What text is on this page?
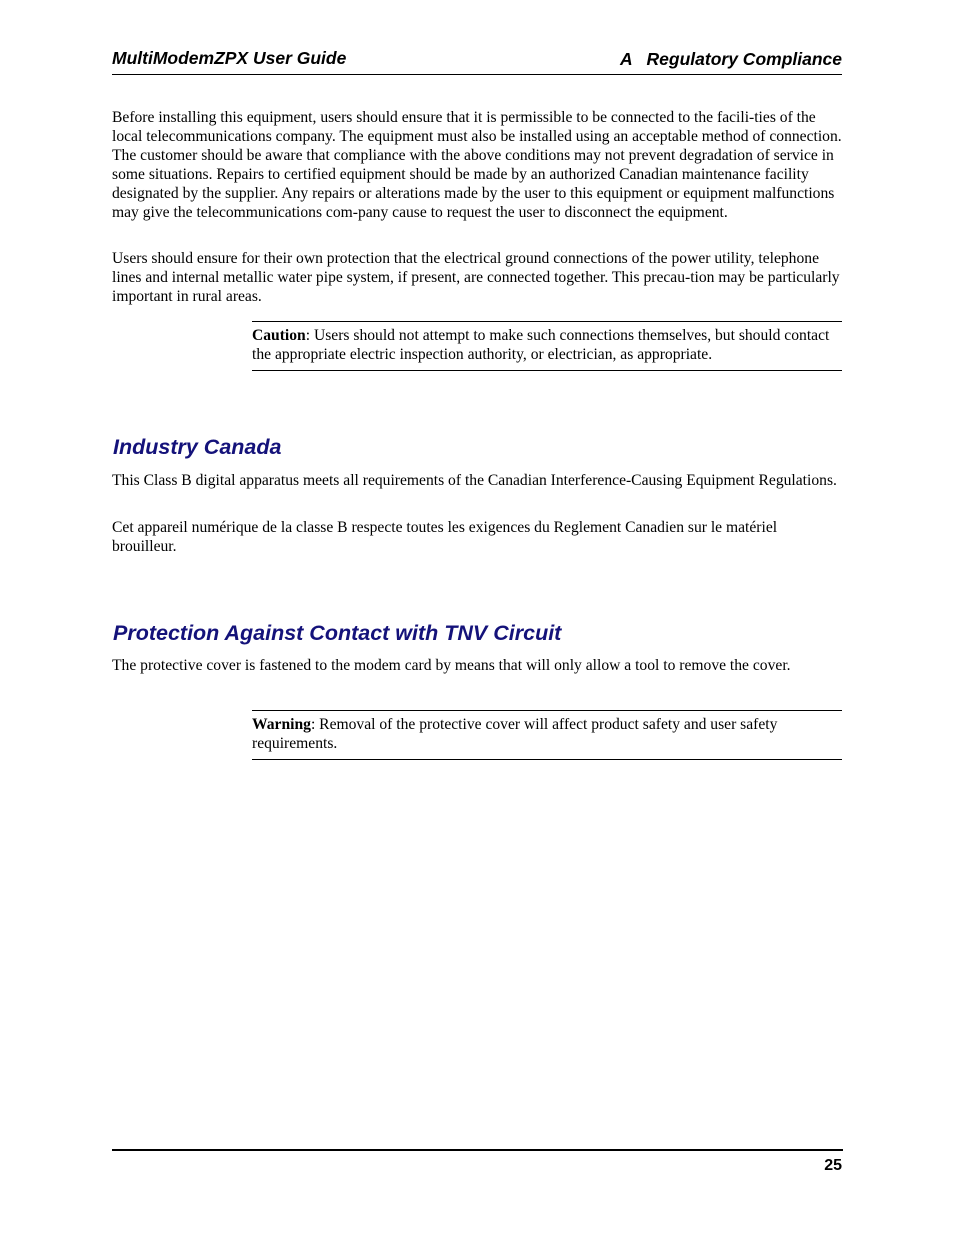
MultiModemZPX User Guide	A   Regulatory Compliance

Before installing this equipment, users should ensure that it is permissible to be connected to the facili-ties of the local telecommunications company. The equipment must also be installed using an acceptable method of connection. The customer should be aware that compliance with the above conditions may not prevent degradation of service in some situations. Repairs to certified equipment should be made by an authorized Canadian maintenance facility designated by the supplier. Any repairs or alterations made by the user to this equipment or equipment malfunctions may give the telecommunications com-pany cause to request the user to disconnect the equipment.

Users should ensure for their own protection that the electrical ground connections of the power utility, telephone lines and internal metallic water pipe system, if present, are connected together. This precau-tion may be particularly important in rural areas.

Caution: Users should not attempt to make such connections themselves, but should contact the appropriate electric inspection authority, or electrician, as appropriate.
Industry Canada

This Class B digital apparatus meets all requirements of the Canadian Interference-Causing Equipment Regulations.

Cet appareil numérique de la classe B respecte toutes les exigences du Reglement Canadien sur le matériel brouilleur.

Protection Against Contact with TNV Circuit

The protective cover is fastened to the modem card by means that will only allow a tool to remove the cover.

Warning: Removal of the protective cover will affect product safety and user safety requirements.
25
